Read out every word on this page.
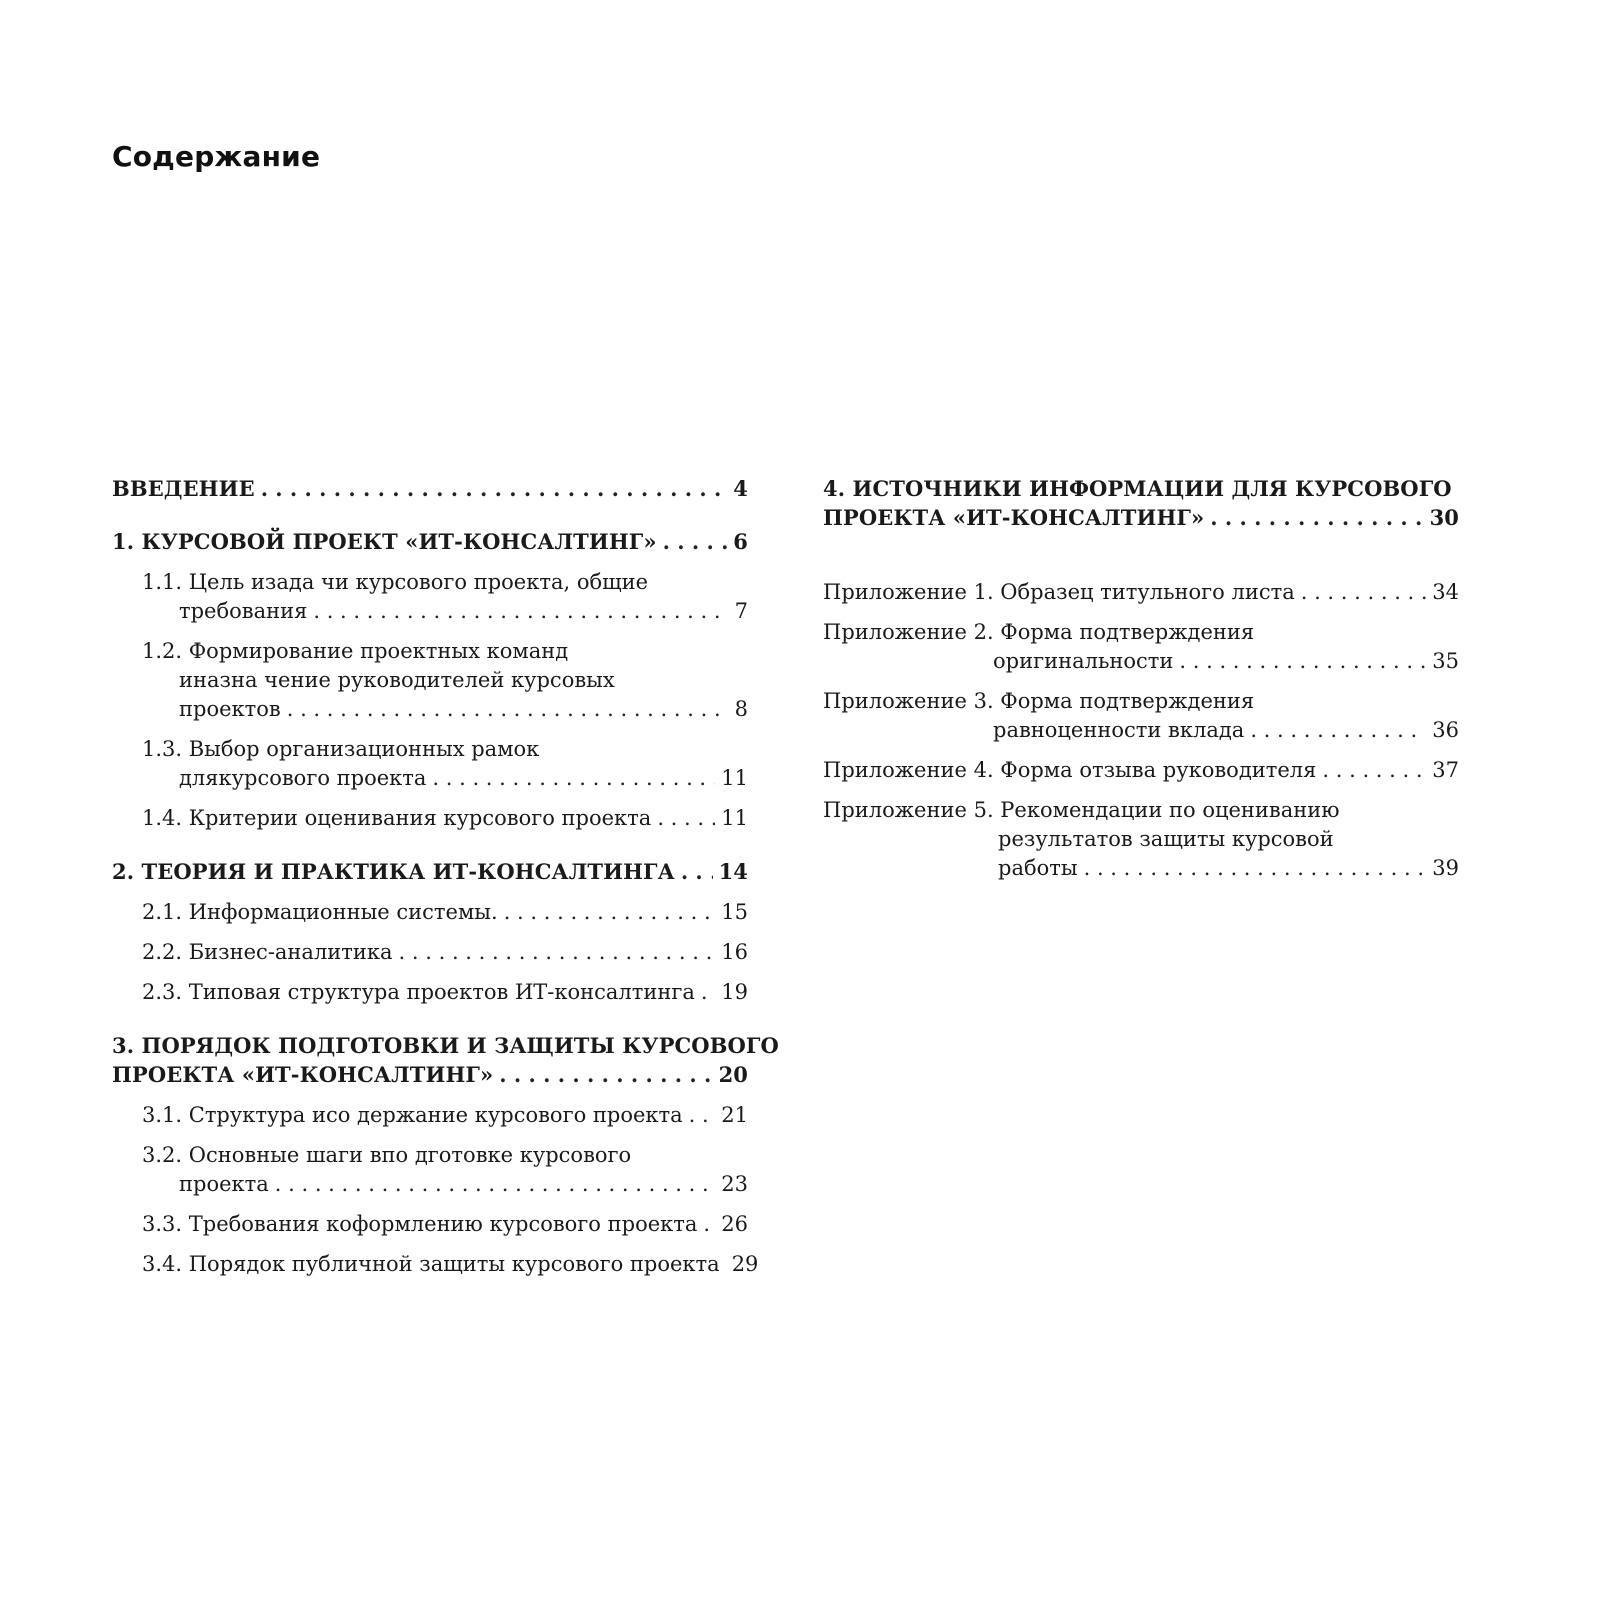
Содержание
ВВЕДЕНИЕ . . .	4
1. КУРСОВОЙ ПРОЕКТ «ИТ-КОНСАЛТИНГ» . . .	6
1.1. Цель изада чи курсового проекта, общие
требования . . .	7
1.2. Формирование проектных команд
иназна чение руководителей курсовых
проектов . . .	8
1.3. Выбор организационных рамок
длякурсового проекта . . .	11
1.4. Критерии оценивания курсового проекта . . .	11
2. ТЕОРИЯ И ПРАКТИКА ИТ-КОНСАЛТИНГА . . . 14
2.1. Информационные системы. . . .	15
2.2. Бизнес-аналитика . . .	16
2.3. Типовая структура проектов ИТ-консалтинга . . . 19
3. ПОРЯДОК ПОДГОТОВКИ И ЗАЩИТЫ КУРСОВОГО
ПРОЕКТА «ИТ-КОНСАЛТИНГ» . . .	20
3.1. Структура исо держание курсового проекта . . . 21
3.2. Основные шаги впо дготовке курсового
проекта . . .	23
3.3. Требования коформлению курсового проекта . . . 26
3.4. Порядок публичной защиты курсового проекта 29
4. ИСТОЧНИКИ ИНФОРМАЦИИ ДЛЯ КУРСОВОГО
ПРОЕКТА «ИТ-КОНСАЛТИНГ» . . .	30
Приложение 1. Образец титульного листа . . .	34
Приложение 2. Форма подтверждения
оригинальности . . .	35
Приложение 3. Форма подтверждения
равноценности вклада . . .	36
Приложение 4. Форма отзыва руководителя . . .	37
Приложение 5. Рекомендации по оцениванию
результатов защиты курсовой
работы . . .	39
